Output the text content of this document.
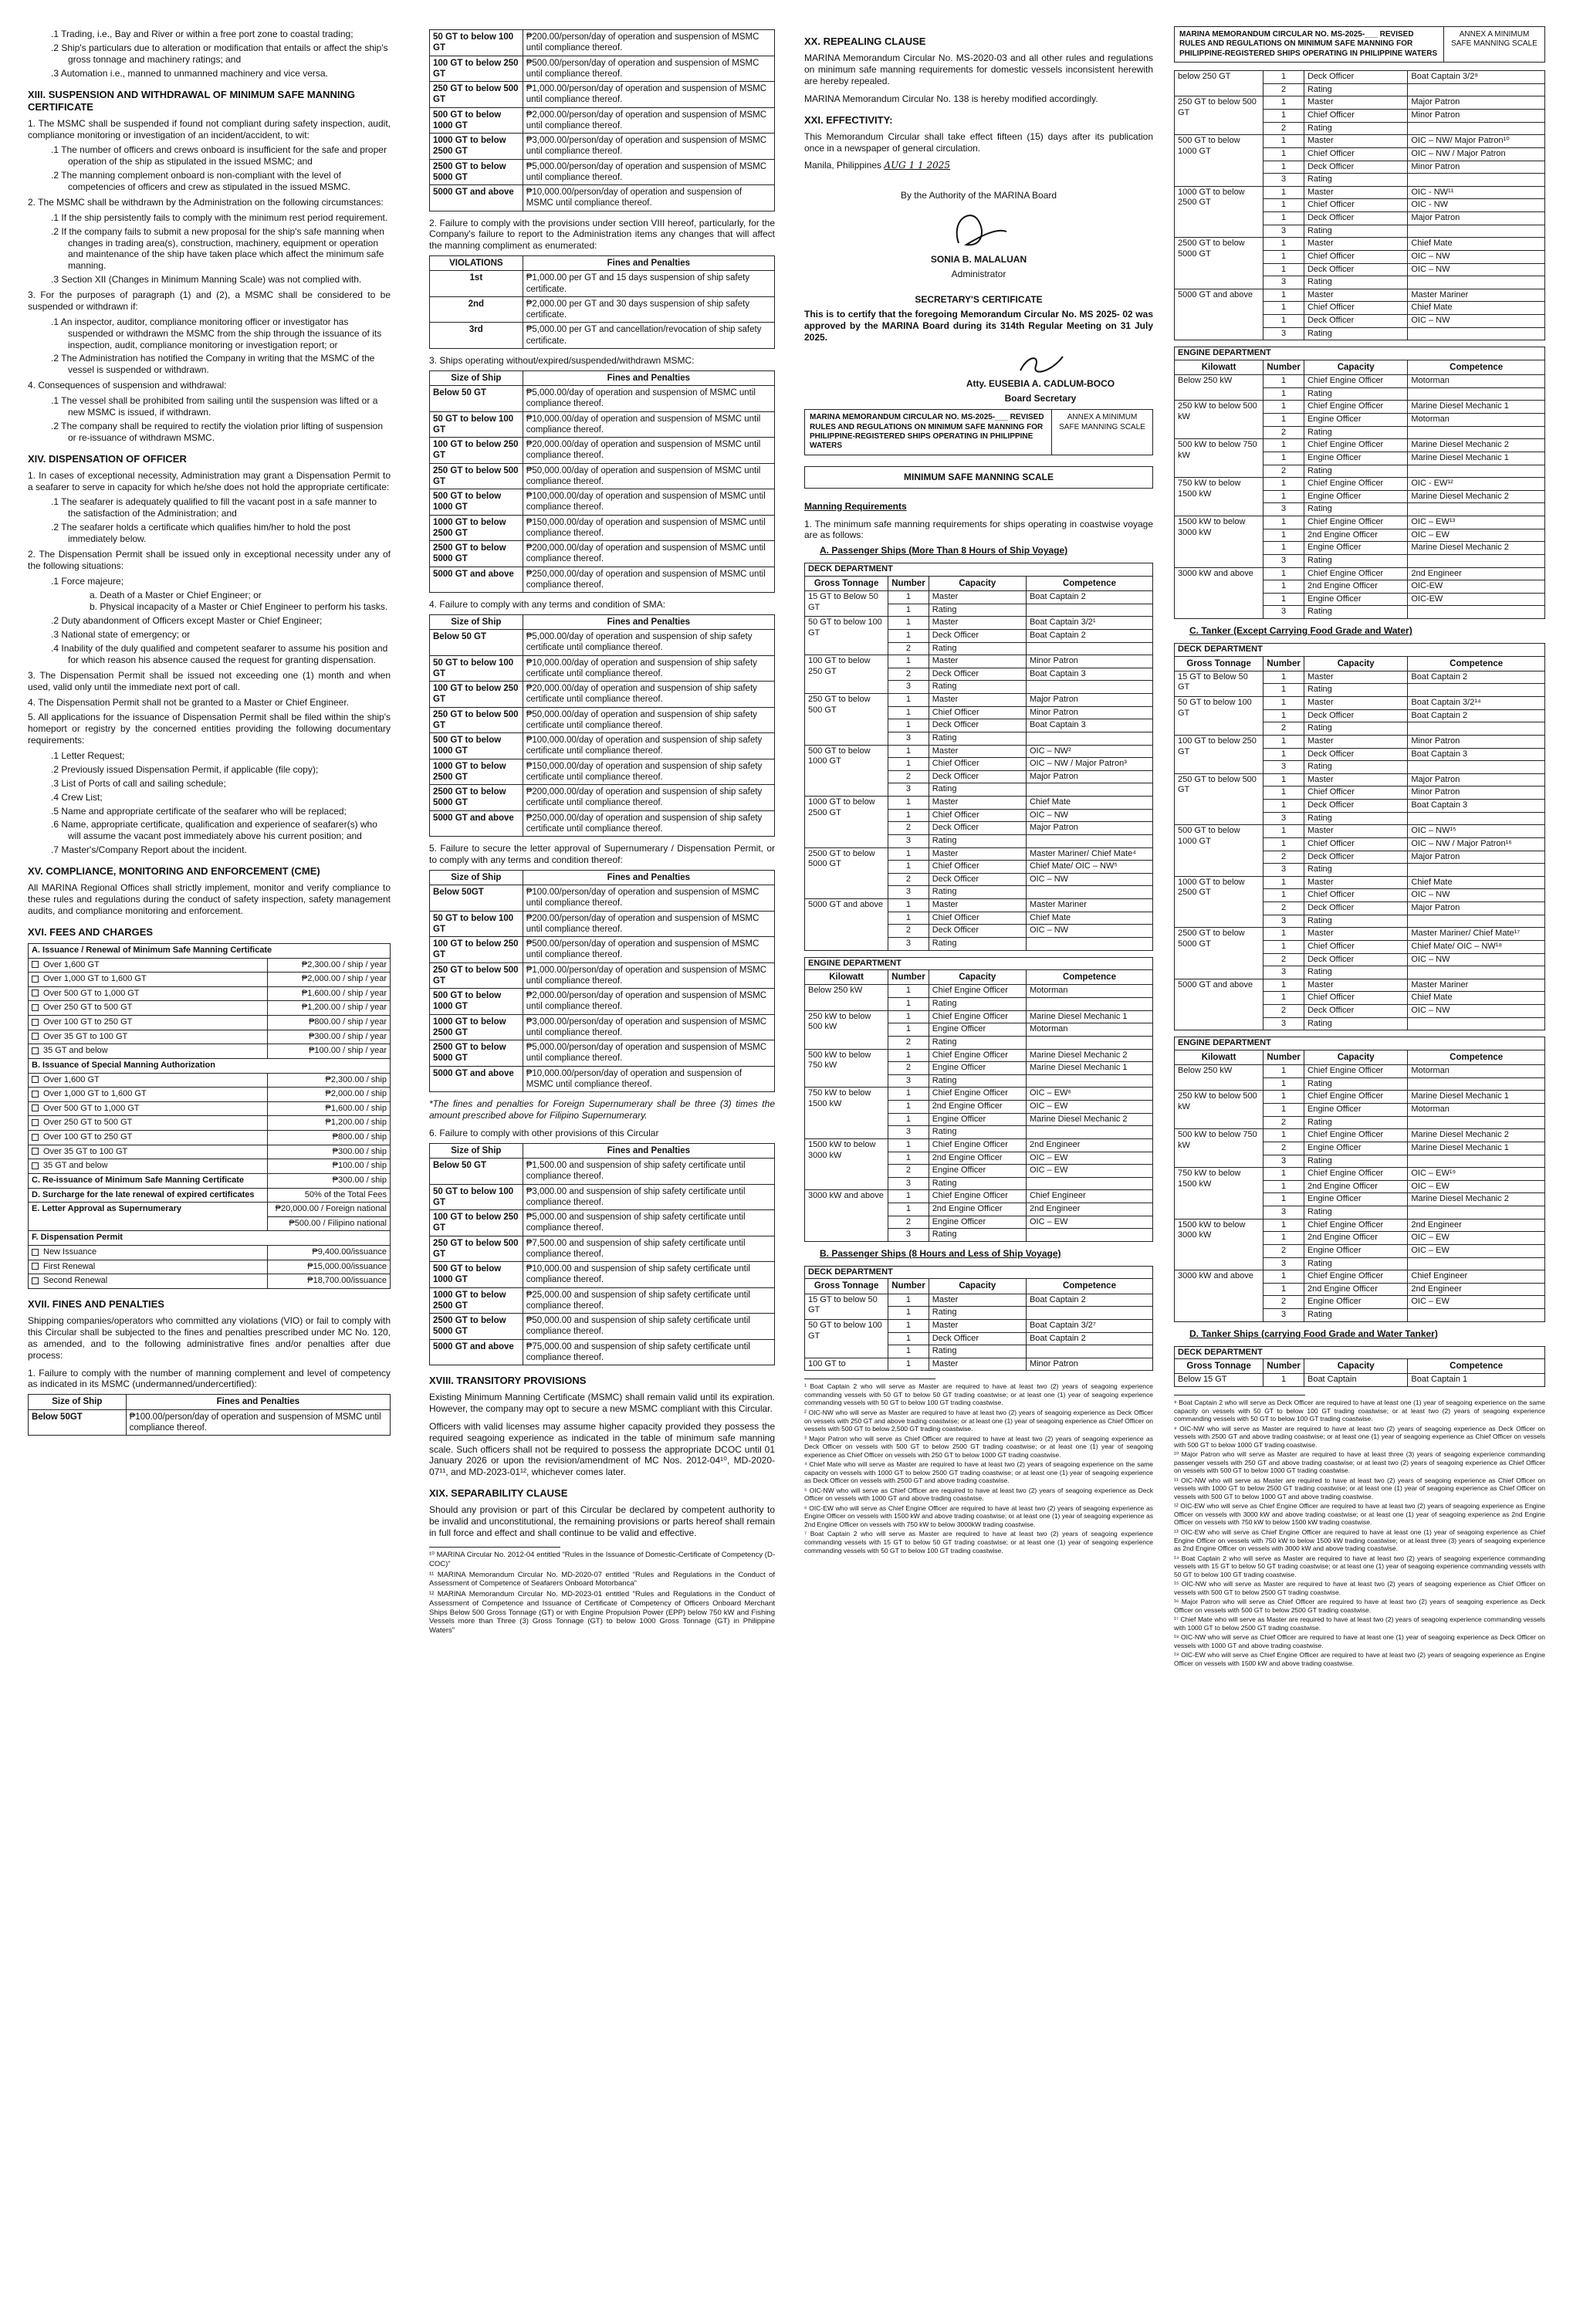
.1 Trading, i.e., Bay and River or within a free port zone to coastal trading;
.2 Ship's particulars due to alteration or modification that entails or affect the ship's gross tonnage and machinery ratings; and
.3 Automation i.e., manned to unmanned machinery and vice versa.
XIII. SUSPENSION AND WITHDRAWAL OF MINIMUM SAFE MANNING CERTIFICATE

1. The MSMC shall be suspended if found not compliant during safety inspection, audit, compliance monitoring or investigation of an incident/accident, to wit:

.1 The number of officers and crews onboard is insufficient for the safe and proper operation of the ship as stipulated in the issued MSMC; and
.2 The manning complement onboard is non-compliant with the level of competencies of officers and crew as stipulated in the issued MSMC.

2. The MSMC shall be withdrawn by the Administration on the following circumstances:

.1 If the ship persistently fails to comply with the minimum rest period requirement.
.2 If the company fails to submit a new proposal for the ship's safe manning when changes in trading area(s), construction, machinery, equipment or operation and maintenance of the ship have taken place which affect the minimum safe manning.
.3 Section XII (Changes in Minimum Manning Scale) was not complied with.

3. For the purposes of paragraph (1) and (2), a MSMC shall be considered to be suspended or withdrawn if:

.1 An inspector, auditor, compliance monitoring officer or investigator has suspended or withdrawn the MSMC from the ship through the issuance of its inspection, audit, compliance monitoring or investigation report; or
.2 The Administration has notified the Company in writing that the MSMC of the vessel is suspended or withdrawn.

4. Consequences of suspension and withdrawal:

.1 The vessel shall be prohibited from sailing until the suspension was lifted or a new MSMC is issued, if withdrawn.
.2 The company shall be required to rectify the violation prior lifting of suspension or re-issuance of withdrawn MSMC.
XIV. DISPENSATION OF OFFICER

1. In cases of exceptional necessity, Administration may grant a Dispensation Permit to a seafarer to serve in capacity for which he/she does not hold the appropriate certificate:

.1 The seafarer is adequately qualified to fill the vacant post in a safe manner to the satisfaction of the Administration; and
.2 The seafarer holds a certificate which qualifies him/her to hold the post immediately below.

2. The Dispensation Permit shall be issued only in exceptional necessity under any of the following situations:

.1 Force majeure;
a. Death of a Master or Chief Engineer; or
b. Physical incapacity of a Master or Chief Engineer to perform his tasks.
.2 Duty abandonment of Officers except Master or Chief Engineer;
.3 National state of emergency; or
.4 Inability of the duly qualified and competent seafarer to assume his position and for which reason his absence caused the request for granting dispensation.

3. The Dispensation Permit shall be issued not exceeding one (1) month and when used, valid only until the immediate next port of call.

4. The Dispensation Permit shall not be granted to a Master or Chief Engineer.

5. All applications for the issuance of Dispensation Permit shall be filed within the ship's homeport or registry by the concerned entities providing the following documentary requirements:

.1 Letter Request;
.2 Previously issued Dispensation Permit, if applicable (file copy);
.3 List of Ports of call and sailing schedule;
.4 Crew List;
.5 Name and appropriate certificate of the seafarer who will be replaced;
.6 Name, appropriate certificate, qualification and experience of seafarer(s) who will assume the vacant post immediately above his current position; and
.7 Master's/Company Report about the incident.
XV. COMPLIANCE, MONITORING AND ENFORCEMENT (CME)

All MARINA Regional Offices shall strictly implement, monitor and verify compliance to these rules and regulations during the conduct of safety inspection, safety management audits, and compliance monitoring and enforcement.

XVI. FEES AND CHARGES
A. Issuance / Renewal of Minimum Safe Manning Certificate	
Over 1,600 GT	₱2,300.00 / ship / year
Over 1,000 GT to 1,600 GT	₱2,000.00 / ship / year
Over 500 GT to 1,000 GT	₱1,600.00 / ship / year
Over 250 GT to 500 GT	₱1,200.00 / ship / year
Over 100 GT to 250 GT	₱800.00 / ship / year
Over 35 GT to 100 GT	₱300.00 / ship / year
35 GT and below	₱100.00 / ship / year
B. Issuance of Special Manning Authorization	
Over 1,600 GT	₱2,300.00 / ship
Over 1,000 GT to 1,600 GT	₱2,000.00 / ship
Over 500 GT to 1,000 GT	₱1,600.00 / ship
Over 250 GT to 500 GT	₱1,200.00 / ship
Over 100 GT to 250 GT	₱800.00 / ship
Over 35 GT to 100 GT	₱300.00 / ship
35 GT and below	₱100.00 / ship
C. Re-issuance of Minimum Safe Manning Certificate	₱300.00 / ship
D. Surcharge for the late renewal of expired certificates	50% of the Total Fees
E. Letter Approval as Supernumerary	₱20,000.00 / Foreign national
	₱500.00 / Filipino national
F. Dispensation Permit	
New Issuance	₱9,400.00/issuance
First Renewal	₱15,000.00/issuance
Second Renewal	₱18,700.00/issuance
XVII. FINES AND PENALTIES

Shipping companies/operators who committed any violations (VIO) or fail to comply with this Circular shall be subjected to the fines and penalties prescribed under MC No. 120, as amended, and to the following administrative fines and/or penalties after due process:

1. Failure to comply with the number of manning complement and level of competency as indicated in its MSMC (undermanned/undercertified):

Size of Ship	Fines and Penalties
Below 50GT	₱100.00/person/day of operation and suspension of MSMC until compliance thereof.
50 GT to below 100 GT	₱200.00/person/day of operation and suspension of MSMC until compliance thereof.
100 GT to below 250 GT	₱500.00/person/day of operation and suspension of MSMC until compliance thereof.
250 GT to below 500 GT	₱1,000.00/person/day of operation and suspension of MSMC until compliance thereof.
500 GT to below 1000 GT	₱2,000.00/person/day of operation and suspension of MSMC until compliance thereof.
1000 GT to below 2500 GT	₱3,000.00/person/day of operation and suspension of MSMC until compliance thereof.
2500 GT to below 5000 GT	₱5,000.00/person/day of operation and suspension of MSMC until compliance thereof.
5000 GT and above	₱10,000.00/person/day of operation and suspension of MSMC until compliance thereof.

2. Failure to comply with the provisions under section VIII hereof, particularly, for the Company's failure to report to the Administration items any changes that will affect the manning compliment as enumerated:

VIOLATIONS	Fines and Penalties
1st	₱1,000.00 per GT and 15 days suspension of ship safety certificate.
2nd	₱2,000.00 per GT and 30 days suspension of ship safety certificate.
3rd	₱5,000.00 per GT and cancellation/revocation of ship safety certificate.

3. Ships operating without/expired/suspended/withdrawn MSMC:

Size of Ship	Fines and Penalties
Below 50 GT	₱5,000.00/day of operation and suspension of MSMC until compliance thereof.
50 GT to below 100 GT	₱10,000.00/day of operation and suspension of MSMC until compliance thereof.
100 GT to below 250 GT	₱20,000.00/day of operation and suspension of MSMC until compliance thereof.
250 GT to below 500 GT	₱50,000.00/day of operation and suspension of MSMC until compliance thereof.
500 GT to below 1000 GT	₱100,000.00/day of operation and suspension of MSMC until compliance thereof.
1000 GT to below 2500 GT	₱150,000.00/day of operation and suspension of MSMC until compliance thereof.
2500 GT to below 5000 GT	₱200,000.00/day of operation and suspension of MSMC until compliance thereof.
5000 GT and above	₱250,000.00/day of operation and suspension of MSMC until compliance thereof.

4. Failure to comply with any terms and condition of SMA:

Size of Ship	Fines and Penalties
Below 50 GT	₱5,000.00/day of operation and suspension of ship safety certificate until compliance thereof.
50 GT to below 100 GT	₱10,000.00/day of operation and suspension of ship safety certificate until compliance thereof.
100 GT to below 250 GT	₱20,000.00/day of operation and suspension of ship safety certificate until compliance thereof.
250 GT to below 500 GT	₱50,000.00/day of operation and suspension of ship safety certificate until compliance thereof.
500 GT to below 1000 GT	₱100,000.00/day of operation and suspension of ship safety certificate until compliance thereof.
1000 GT to below 2500 GT	₱150,000.00/day of operation and suspension of ship safety certificate until compliance thereof.
2500 GT to below 5000 GT	₱200,000.00/day of operation and suspension of ship safety certificate until compliance thereof.
5000 GT and above	₱250,000.00/day of operation and suspension of ship safety certificate until compliance thereof.

5. Failure to secure the letter approval of Supernumerary / Dispensation Permit, or to comply with any terms and condition thereof:

Size of Ship	Fines and Penalties
Below 50GT	₱100.00/person/day of operation and suspension of MSMC until compliance thereof.
50 GT to below 100 GT	₱200.00/person/day of operation and suspension of MSMC until compliance thereof.
100 GT to below 250 GT	₱500.00/person/day of operation and suspension of MSMC until compliance thereof.
250 GT to below 500 GT	₱1,000.00/person/day of operation and suspension of MSMC until compliance thereof.
500 GT to below 1000 GT	₱2,000.00/person/day of operation and suspension of MSMC until compliance thereof.
1000 GT to below 2500 GT	₱3,000.00/person/day of operation and suspension of MSMC until compliance thereof.
2500 GT to below 5000 GT	₱5,000.00/person/day of operation and suspension of MSMC until compliance thereof.
5000 GT and above	₱10,000.00/person/day of operation and suspension of MSMC until compliance thereof.

*The fines and penalties for Foreign Supernumerary shall be three (3) times the amount prescribed above for Filipino Supernumerary.

6. Failure to comply with other provisions of this Circular

Size of Ship	Fines and Penalties
Below 50 GT	₱1,500.00 and suspension of ship safety certificate until compliance thereof.
50 GT to below 100 GT	₱3,000.00 and suspension of ship safety certificate until compliance thereof.
100 GT to below 250 GT	₱5,000.00 and suspension of ship safety certificate until compliance thereof.
250 GT to below 500 GT	₱7,500.00 and suspension of ship safety certificate until compliance thereof.
500 GT to below 1000 GT	₱10,000.00 and suspension of ship safety certificate until compliance thereof.
1000 GT to below 2500 GT	₱25,000.00 and suspension of ship safety certificate until compliance thereof.
2500 GT to below 5000 GT	₱50,000.00 and suspension of ship safety certificate until compliance thereof.
5000 GT and above	₱75,000.00 and suspension of ship safety certificate until compliance thereof.
XVIII. TRANSITORY PROVISIONS

Existing Minimum Manning Certificate (MSMC) shall remain valid until its expiration. However, the company may opt to secure a new MSMC compliant with this Circular.

Officers with valid licenses may assume higher capacity provided they possess the required seagoing experience as indicated in the table of minimum safe manning scale. Such officers shall not be required to possess the appropriate DCOC until 01 January 2026 or upon the revision/amendment of MC Nos. 2012-04¹⁰, MD-2020-07¹¹, and MD-2023-01¹², whichever comes later.

XIX. SEPARABILITY CLAUSE

Should any provision or part of this Circular be declared by competent authority to be invalid and unconstitutional, the remaining provisions or parts hereof shall remain in full force and effect and shall continue to be valid and effective.

¹⁰ MARINA Circular No. 2012-04 entitled "Rules in the Issuance of Domestic-Certificate of Competency (D-COC)"

¹¹ MARINA Memorandum Circular No. MD-2020-07 entitled "Rules and Regulations in the Conduct of Assessment of Competence of Seafarers Onboard Motorbanca"

¹² MARINA Memorandum Circular No. MD-2023-01 entitled "Rules and Regulations in the Conduct of Assessment of Competence and Issuance of Certificate of Competency of Officers Onboard Merchant Ships Below 500 Gross Tonnage (GT) or with Engine Propulsion Power (EPP) below 750 kW and Fishing Vessels more than Three (3) Gross Tonnage (GT) to below 1000 Gross Tonnage (GT) in Philippine Waters"

XX. REPEALING CLAUSE

MARINA Memorandum Circular No. MS-2020-03 and all other rules and regulations on minimum safe manning requirements for domestic vessels inconsistent herewith are hereby repealed.

MARINA Memorandum Circular No. 138 is hereby modified accordingly.

XXI. EFFECTIVITY:

This Memorandum Circular shall take effect fifteen (15) days after its publication once in a newspaper of general circulation.

Manila, Philippines AUG 1 1 2025

By the Authority of the MARINA Board

SONIA B. MALALUAN

Administrator

SECRETARY'S CERTIFICATE

This is to certify that the foregoing Memorandum Circular No. MS 2025- 02 was approved by the MARINA Board during its 314th Regular Meeting on 31 July 2025.

Atty. EUSEBIA A. CADLUM-BOCO

Board Secretary

MARINA MEMORANDUM CIRCULAR NO. MS-2025-___ REVISED RULES AND REGULATIONS ON MINIMUM SAFE MANNING FOR PHILIPPINE-REGISTERED SHIPS OPERATING IN PHILIPPINE WATERS
ANNEX A MINIMUM SAFE MANNING SCALE
MINIMUM SAFE MANNING SCALE

Manning Requirements

1. The minimum safe manning requirements for ships operating in coastwise voyage are as follows:

A. Passenger Ships (More Than 8 Hours of Ship Voyage)

DECK DEPARTMENT			
Gross Tonnage	Number	Capacity	Competence
15 GT to Below 50 GT	1	Master	Boat Captain 2
	1	Rating	
50 GT to below 100 GT	1	Master	Boat Captain 3/2¹
	1	Deck Officer	Boat Captain 2
	2	Rating	
100 GT to below 250 GT	1	Master	Minor Patron
	2	Deck Officer	Boat Captain 3
	3	Rating	
250 GT to below 500 GT	1	Master	Major Patron
	1	Chief Officer	Minor Patron
	1	Deck Officer	Boat Captain 3
	3	Rating	
500 GT to below 1000 GT	1	Master	OIC – NW²
	1	Chief Officer	OIC – NW / Major Patron³
	2	Deck Officer	Major Patron
	3	Rating	
1000 GT to below 2500 GT	1	Master	Chief Mate
	1	Chief Officer	OIC – NW
	2	Deck Officer	Major Patron
	3	Rating	
2500 GT to below 5000 GT	1	Master	Master Mariner/ Chief Mate⁴
	1	Chief Officer	Chief Mate/ OIC – NW⁵
	2	Deck Officer	OIC – NW
	3	Rating	
5000 GT and above	1	Master	Master Mariner
	1	Chief Officer	Chief Mate
	2	Deck Officer	OIC – NW
	3	Rating	
ENGINE DEPARTMENT			
Kilowatt	Number	Capacity	Competence
Below 250 kW	1	Chief Engine Officer	Motorman
	1	Rating	
250 kW to below 500 kW	1	Chief Engine Officer	Marine Diesel Mechanic 1
	1	Engine Officer	Motorman
	2	Rating	
500 kW to below 750 kW	1	Chief Engine Officer	Marine Diesel Mechanic 2
	2	Engine Officer	Marine Diesel Mechanic 1
	3	Rating	
750 kW to below 1500 kW	1	Chief Engine Officer	OIC – EW⁶
	1	2nd Engine Officer	OIC – EW
	1	Engine Officer	Marine Diesel Mechanic 2
	3	Rating	
1500 kW to below 3000 kW	1	Chief Engine Officer	2nd Engineer
	1	2nd Engine Officer	OIC – EW
	2	Engine Officer	OIC – EW
	3	Rating	
3000 kW and above	1	Chief Engine Officer	Chief Engineer
	1	2nd Engine Officer	2nd Engineer
	2	Engine Officer	OIC – EW
	3	Rating	

B. Passenger Ships (8 Hours and Less of Ship Voyage)

DECK DEPARTMENT			
Gross Tonnage	Number	Capacity	Competence
15 GT to below 50 GT	1	Master	Boat Captain 2
	1	Rating	
50 GT to below 100 GT	1	Master	Boat Captain 3/2⁷
	1	Deck Officer	Boat Captain 2
	1	Rating	
100 GT to	1	Master	Minor Patron

¹ Boat Captain 2 who will serve as Master are required to have at least two (2) years of seagoing experience commanding vessels with 50 GT to below 50 GT trading coastwise; or at least one (1) year of seagoing experience commanding vessels with 50 GT to below 100 GT trading coastwise.

² OIC-NW who will serve as Master are required to have at least two (2) years of seagoing experience as Deck Officer on vessels with 250 GT and above trading coastwise; or at least one (1) year of seagoing experience as Chief Officer on vessels with 500 GT to below 2,500 GT trading coastwise.

³ Major Patron who will serve as Chief Officer are required to have at least two (2) years of seagoing experience as Deck Officer on vessels with 500 GT to below 2500 GT trading coastwise; or at least one (1) year of seagoing experience as Chief Officer on vessels with 250 GT to below 1000 GT trading coastwise.

⁴ Chief Mate who will serve as Master are required to have at least two (2) years of seagoing experience on the same capacity on vessels with 1000 GT to below 2500 GT trading coastwise; or at least one (1) year of seagoing experience as Deck Officer on vessels with 2500 GT and above trading coastwise.

⁵ OIC-NW who will serve as Chief Officer are required to have at least two (2) years of seagoing experience as Deck Officer on vessels with 1000 GT and above trading coastwise.

⁶ OIC-EW who will serve as Chief Engine Officer are required to have at least two (2) years of seagoing experience as Engine Officer on vessels with 1500 kW and above trading coastwise; or at least one (1) year of seagoing experience as 2nd Engine Officer on vessels with 750 kW to below 3000kW trading coastwise.

⁷ Boat Captain 2 who will serve as Master are required to have at least two (2) years of seagoing experience commanding vessels with 15 GT to below 50 GT trading coastwise; or at least one (1) year of seagoing experience commanding vessels with 50 GT to below 100 GT trading coastwise.

MARINA MEMORANDUM CIRCULAR NO. MS-2025-___ REVISED RULES AND REGULATIONS ON MINIMUM SAFE MANNING FOR PHILIPPINE-REGISTERED SHIPS OPERATING IN PHILIPPINE WATERS
ANNEX A MINIMUM SAFE MANNING SCALE
below 250 GT	1	Deck Officer	Boat Captain 3/2⁸
	2	Rating	
250 GT to below 500 GT	1	Master	Major Patron
	1	Chief Officer	Minor Patron
	2	Rating	
500 GT to below 1000 GT	1	Master	OIC – NW/ Major Patron¹⁰
	1	Chief Officer	OIC – NW / Major Patron
	1	Deck Officer	Minor Patron
	3	Rating	
1000 GT to below 2500 GT	1	Master	OIC - NW¹¹
	1	Chief Officer	OIC - NW
	1	Deck Officer	Major Patron
	3	Rating	
2500 GT to below 5000 GT	1	Master	Chief Mate
	1	Chief Officer	OIC – NW
	1	Deck Officer	OIC – NW
	3	Rating	
5000 GT and above	1	Master	Master Mariner
	1	Chief Officer	Chief Mate
	1	Deck Officer	OIC – NW
	3	Rating	
ENGINE DEPARTMENT			
Kilowatt	Number	Capacity	Competence
Below 250 kW	1	Chief Engine Officer	Motorman
	1	Rating	
250 kW to below 500 kW	1	Chief Engine Officer	Marine Diesel Mechanic 1
	1	Engine Officer	Motorman
	2	Rating	
500 kW to below 750 kW	1	Chief Engine Officer	Marine Diesel Mechanic 2
	1	Engine Officer	Marine Diesel Mechanic 1
	2	Rating	
750 kW to below 1500 kW	1	Chief Engine Officer	OIC - EW¹²
	1	Engine Officer	Marine Diesel Mechanic 2
	3	Rating	
1500 kW to below 3000 kW	1	Chief Engine Officer	OIC – EW¹³
	1	2nd Engine Officer	OIC – EW
	1	Engine Officer	Marine Diesel Mechanic 2
	3	Rating	
3000 kW and above	1	Chief Engine Officer	2nd Engineer
	1	2nd Engine Officer	OIC-EW
	1	Engine Officer	OIC-EW
	3	Rating	

C. Tanker (Except Carrying Food Grade and Water)

DECK DEPARTMENT			
Gross Tonnage	Number	Capacity	Competence
15 GT to Below 50 GT	1	Master	Boat Captain 2
	1	Rating	
50 GT to below 100 GT	1	Master	Boat Captain 3/2¹⁴
	1	Deck Officer	Boat Captain 2
	2	Rating	
100 GT to below 250 GT	1	Master	Minor Patron
	1	Deck Officer	Boat Captain 3
	3	Rating	
250 GT to below 500 GT	1	Master	Major Patron
	1	Chief Officer	Minor Patron
	1	Deck Officer	Boat Captain 3
	3	Rating	
500 GT to below 1000 GT	1	Master	OIC – NW¹⁵
	1	Chief Officer	OIC – NW / Major Patron¹⁶
	2	Deck Officer	Major Patron
	3	Rating	
1000 GT to below 2500 GT	1	Master	Chief Mate
	1	Chief Officer	OIC – NW
	2	Deck Officer	Major Patron
	3	Rating	
2500 GT to below 5000 GT	1	Master	Master Mariner/ Chief Mate¹⁷
	1	Chief Officer	Chief Mate/ OIC – NW¹⁸
	2	Deck Officer	OIC – NW
	3	Rating	
5000 GT and above	1	Master	Master Mariner
	1	Chief Officer	Chief Mate
	2	Deck Officer	OIC – NW
	3	Rating	
ENGINE DEPARTMENT			
Kilowatt	Number	Capacity	Competence
Below 250 kW	1	Chief Engine Officer	Motorman
	1	Rating	
250 kW to below 500 kW	1	Chief Engine Officer	Marine Diesel Mechanic 1
	1	Engine Officer	Motorman
	2	Rating	
500 kW to below 750 kW	1	Chief Engine Officer	Marine Diesel Mechanic 2
	2	Engine Officer	Marine Diesel Mechanic 1
	3	Rating	
750 kW to below 1500 kW	1	Chief Engine Officer	OIC – EW¹⁹
	1	2nd Engine Officer	OIC – EW
	1	Engine Officer	Marine Diesel Mechanic 2
	3	Rating	
1500 kW to below 3000 kW	1	Chief Engine Officer	2nd Engineer
	1	2nd Engine Officer	OIC – EW
	2	Engine Officer	OIC – EW
	3	Rating	
3000 kW and above	1	Chief Engine Officer	Chief Engineer
	1	2nd Engine Officer	2nd Engineer
	2	Engine Officer	OIC – EW
	3	Rating	

D. Tanker Ships (carrying Food Grade and Water Tanker)

DECK DEPARTMENT			
Gross Tonnage	Number	Capacity	Competence
Below 15 GT	1	Boat Captain	Boat Captain 1

⁸ Boat Captain 2 who will serve as Deck Officer are required to have at least one (1) year of seagoing experience on the same capacity on vessels with 50 GT to below 100 GT trading coastwise; or at least two (2) years of seagoing experience commanding vessels with 50 GT to below 100 GT trading coastwise.

⁹ OIC-NW who will serve as Master are required to have at least two (2) years of seagoing experience as Deck Officer on vessels with 2500 GT and above trading coastwise; or at least one (1) year of seagoing experience as Chief Officer on vessels with 500 GT to below 1000 GT trading coastwise.

¹⁰ Major Patron who will serve as Master are required to have at least three (3) years of seagoing experience commanding passenger vessels with 250 GT and above trading coastwise; or at least two (2) years of seagoing experience as Chief Officer on vessels with 500 GT to below 1000 GT trading coastwise.

¹¹ OIC-NW who will serve as Master are required to have at least two (2) years of seagoing experience as Chief Officer on vessels with 1000 GT to below 2500 GT trading coastwise; or at least one (1) year of seagoing experience as Chief Officer on vessels with 500 GT to below 1000 GT and above trading coastwise.

¹² OIC-EW who will serve as Chief Engine Officer are required to have at least two (2) years of seagoing experience as Engine Officer on vessels with 3000 kW and above trading coastwise; or at least one (1) year of seagoing experience as 2nd Engine Officer on vessels with 750 kW to below 1500 kW trading coastwise.

¹³ OIC-EW who will serve as Chief Engine Officer are required to have at least one (1) year of seagoing experience as Chief Engine Officer on vessels with 750 kW to below 1500 kW trading coastwise; or at least three (3) years of seagoing experience as 2nd Engine Officer on vessels with 3000 kW and above trading coastwise.

¹⁴ Boat Captain 2 who will serve as Master are required to have at least two (2) years of seagoing experience commanding vessels with 15 GT to below 50 GT trading coastwise; or at least one (1) year of seagoing experience commanding vessels with 50 GT to below 100 GT trading coastwise.

¹⁵ OIC-NW who will serve as Master are required to have at least two (2) years of seagoing experience as Chief Officer on vessels with 500 GT to below 2500 GT trading coastwise.

¹⁶ Major Patron who will serve as Chief Officer are required to have at least two (2) years of seagoing experience as Deck Officer on vessels with 500 GT to below 2500 GT trading coastwise.

¹⁷ Chief Mate who will serve as Master are required to have at least two (2) years of seagoing experience commanding vessels with 1000 GT to below 2500 GT trading coastwise.

¹⁸ OIC-NW who will serve as Chief Officer are required to have at least one (1) year of seagoing experience as Deck Officer on vessels with 1000 GT and above trading coastwise.

¹⁹ OIC-EW who will serve as Chief Engine Officer are required to have at least two (2) years of seagoing experience as Engine Officer on vessels with 1500 kW and above trading coastwise.
